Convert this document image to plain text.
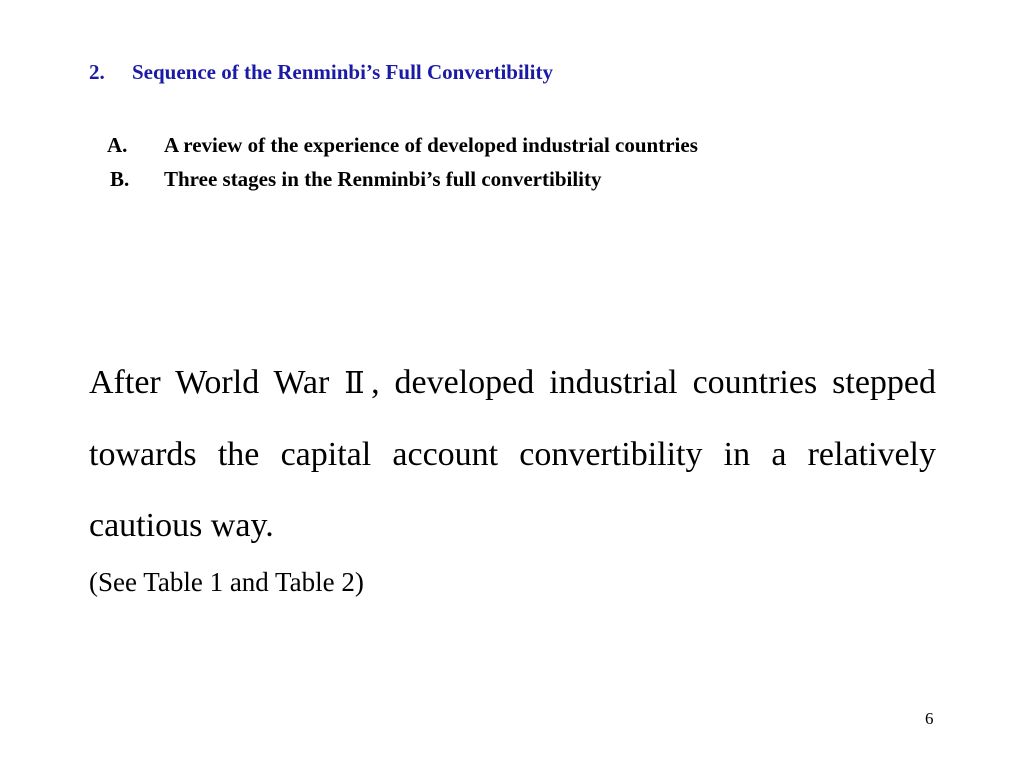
2. Sequence of the Renminbi’s Full Convertibility
A. A review of the experience of developed industrial countries
B. Three stages in the Renminbi’s full convertibility

After World War Ⅱ, developed industrial countries stepped towards the capital account convertibility in a relatively cautious way.

(See Table 1 and Table 2)
6
